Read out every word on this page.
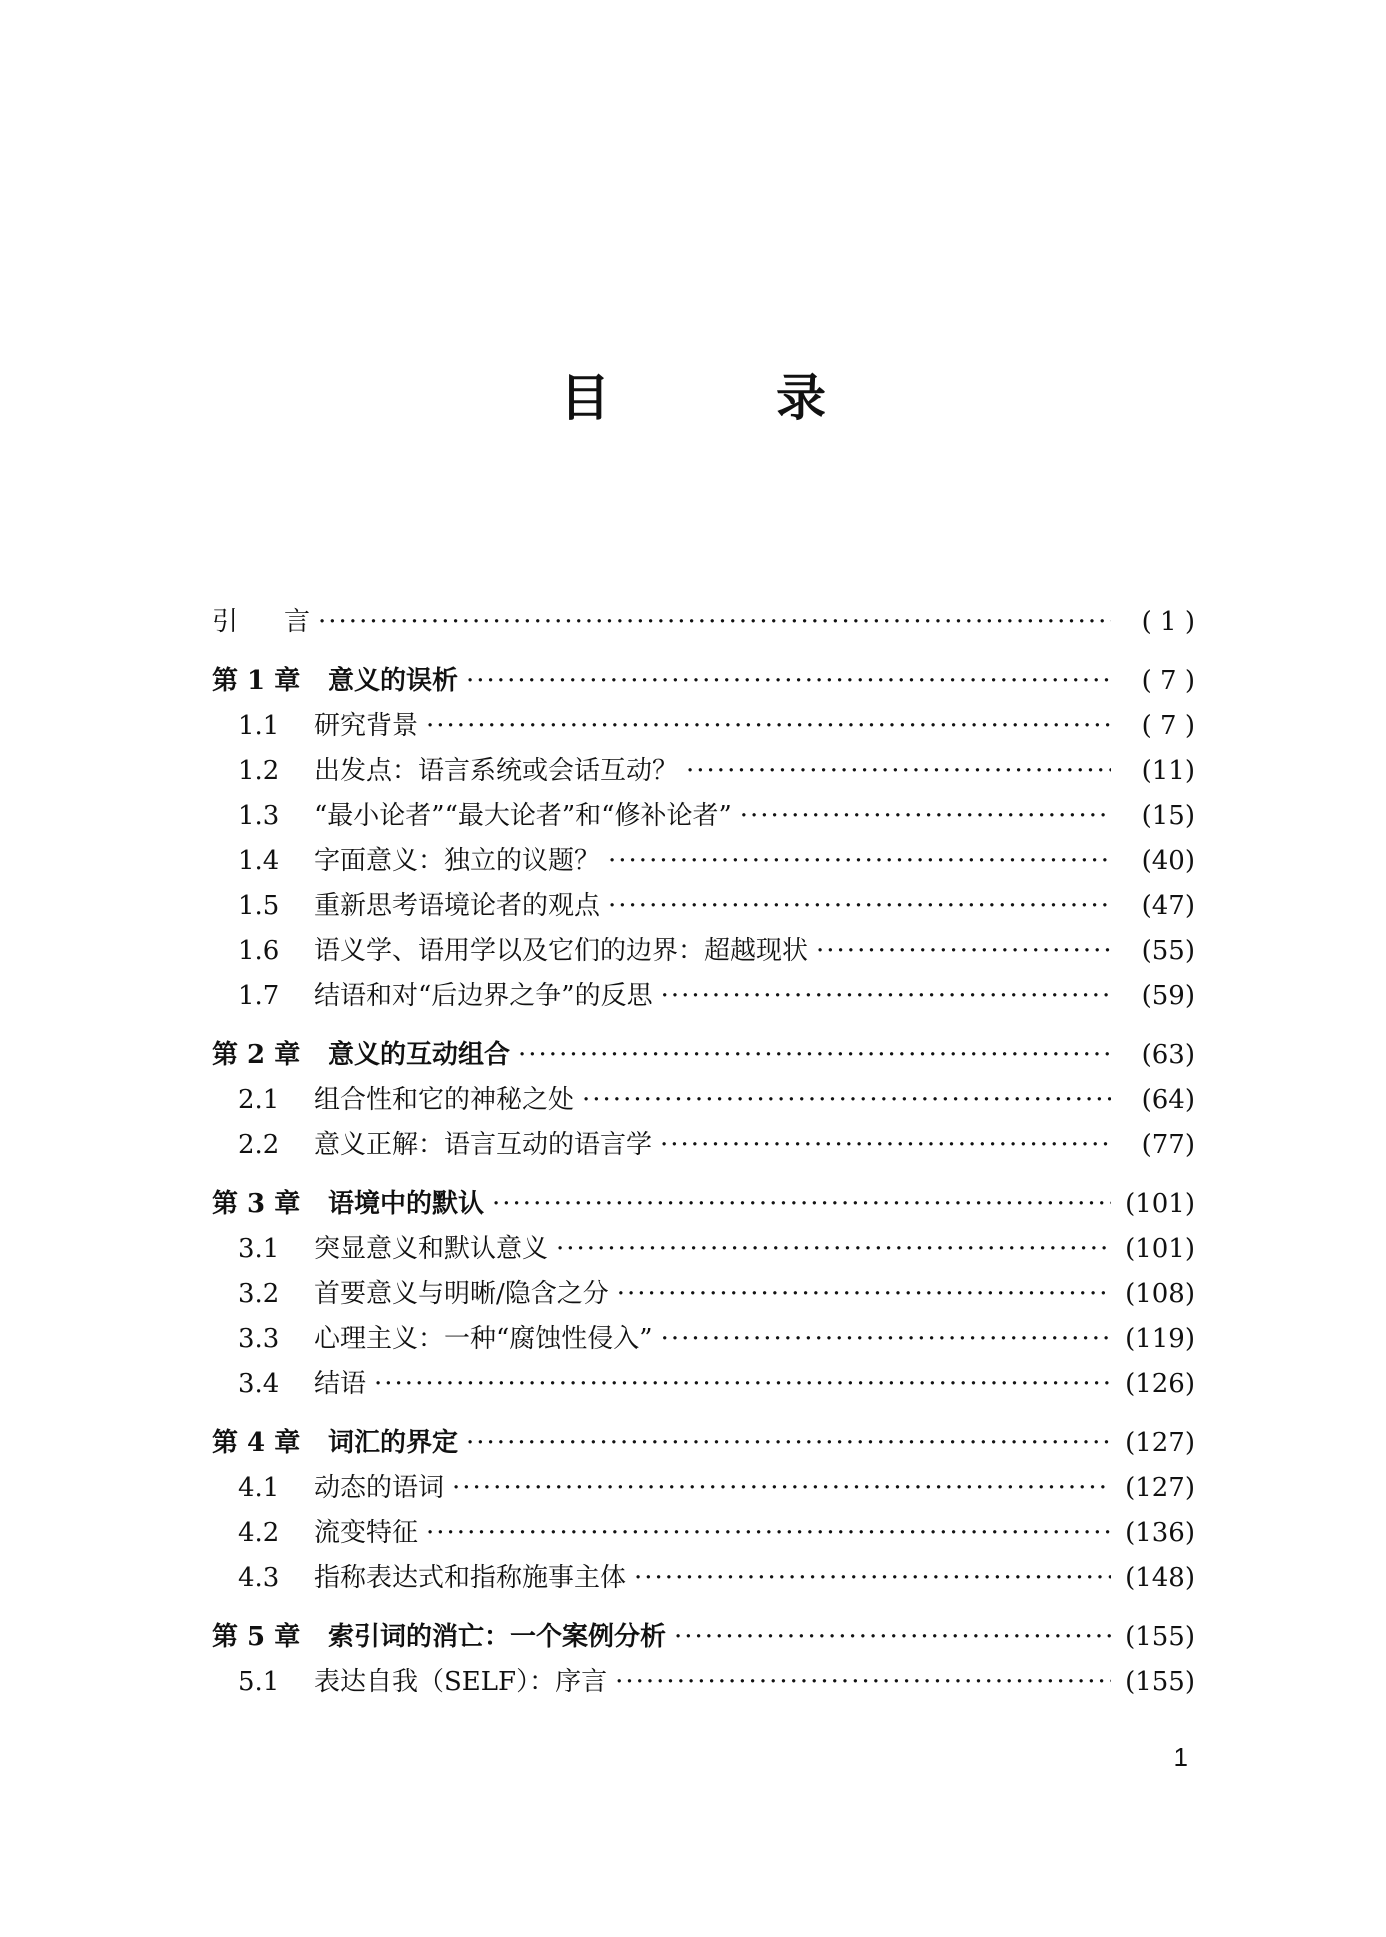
目　录
引	言 ·····	( 1 )
第 1 章	意义的误析 ·····	( 7 )
1.1	研究背景 ·····	( 7 )
1.2	出发点：语言系统或会话互动？ ·····	(11)
1.3	“最小论者”“最大论者”和“修补论者” ·····	(15)
1.4	字面意义：独立的议题？ ·····	(40)
1.5	重新思考语境论者的观点 ·····	(47)
1.6	语义学、语用学以及它们的边界：超越现状 ·····	(55)
1.7	结语和对“后边界之争”的反思 ·····	(59)
第 2 章	意义的互动组合 ·····	(63)
2.1	组合性和它的神秘之处 ·····	(64)
2.2	意义正解：语言互动的语言学 ·····	(77)
第 3 章	语境中的默认 ·····	(101)
3.1	突显意义和默认意义 ·····	(101)
3.2	首要意义与明晰/隐含之分 ·····	(108)
3.3	心理主义：一种“腐蚀性侵入” ·····	(119)
3.4	结语 ·····	(126)
第 4 章	词汇的界定 ·····	(127)
4.1	动态的语词 ·····	(127)
4.2	流变特征 ·····	(136)
4.3	指称表达式和指称施事主体 ·····	(148)
第 5 章	索引词的消亡：一个案例分析 ·····	(155)
5.1	表达自我（SELF）：序言 ·····	(155)
1
